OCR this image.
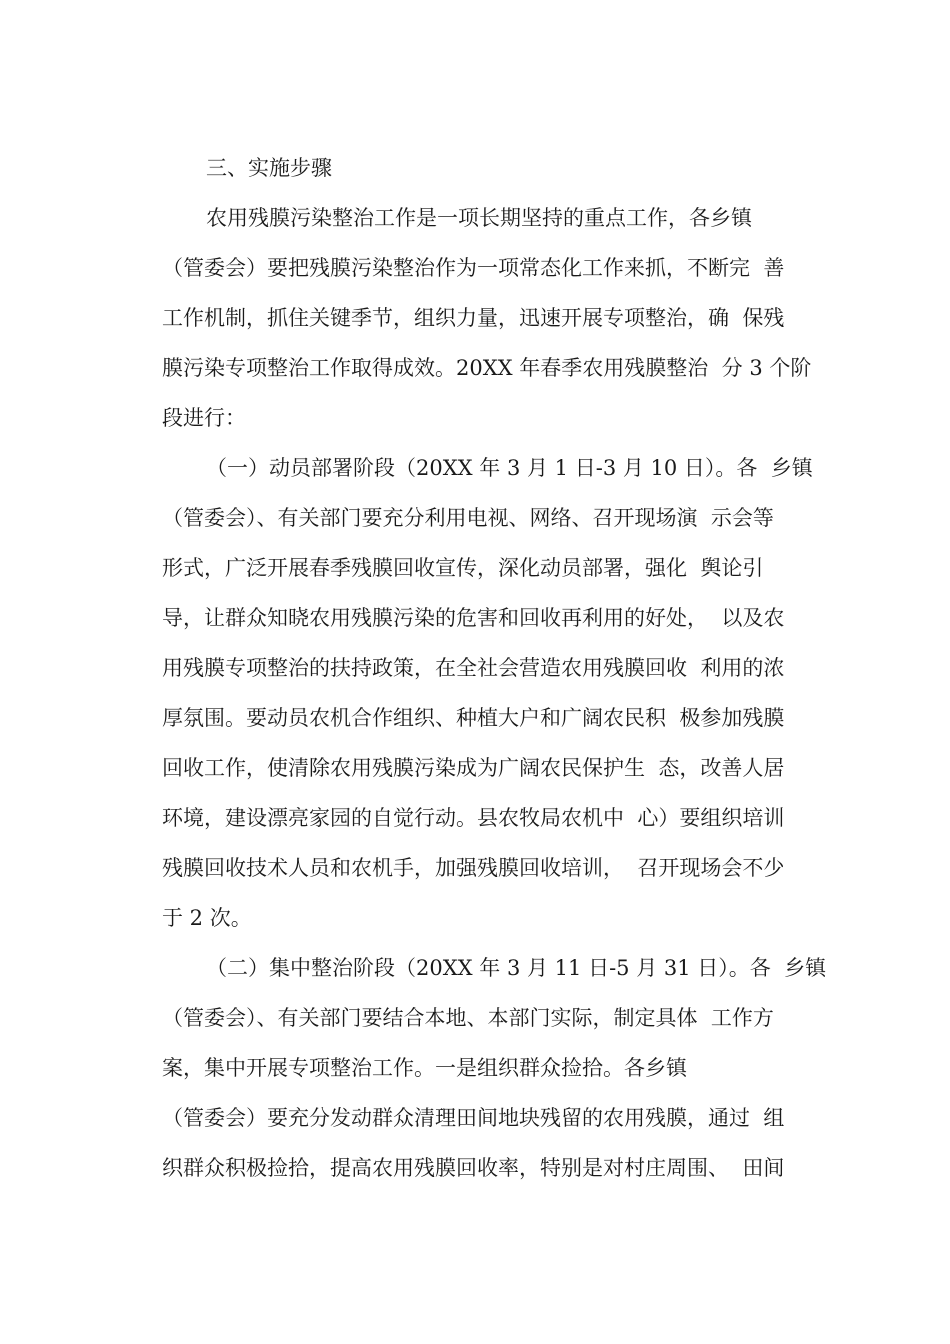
三、实施步骤
农用残膜污染整治工作是一项长期坚持的重点工作，各乡镇
（管委会）要把残膜污染整治作为一项常态化工作来抓，不断完  善
工作机制，抓住关键季节，组织力量，迅速开展专项整治，确  保残
膜污染专项整治工作取得成效。20XX 年春季农用残膜整治  分 3 个阶
段进行：
（一）动员部署阶段（20XX 年 3 月 1 日-3 月 10 日）。各  乡镇
（管委会）、有关部门要充分利用电视、网络、召开现场演  示会等
形式，广泛开展春季残膜回收宣传，深化动员部署，强化  舆论引
导，让群众知晓农用残膜污染的危害和回收再利用的好处，  以及农
用残膜专项整治的扶持政策，在全社会营造农用残膜回收  利用的浓
厚氛围。要动员农机合作组织、种植大户和广阔农民积  极参加残膜
回收工作，使清除农用残膜污染成为广阔农民保护生  态，改善人居
环境，建设漂亮家园的自觉行动。县农牧局农机中  心）要组织培训
残膜回收技术人员和农机手，加强残膜回收培训，  召开现场会不少
于 2 次。
（二）集中整治阶段（20XX 年 3 月 11 日-5 月 31 日）。各  乡镇
（管委会）、有关部门要结合本地、本部门实际，制定具体  工作方
案，集中开展专项整治工作。一是组织群众捡拾。各乡镇
（管委会）要充分发动群众清理田间地块残留的农用残膜，通过  组
织群众积极捡拾，提高农用残膜回收率，特别是对村庄周围、  田间
